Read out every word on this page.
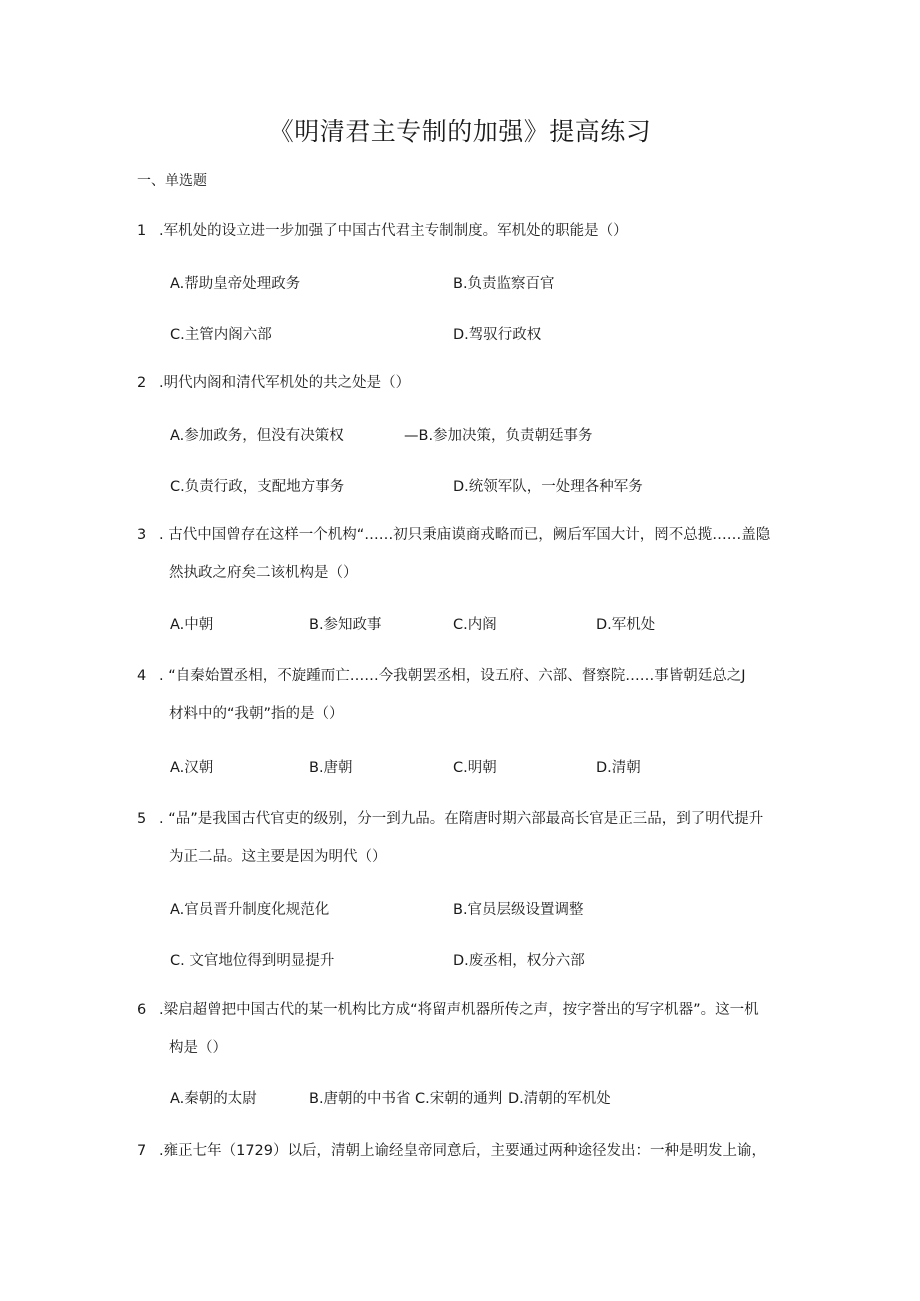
《明清君主专制的加强》提高练习
一、单选题
1 .军机处的设立进一步加强了中国古代君主专制制度。军机处的职能是（）
A.帮助皇帝处理政务	B.负责监察百官
C.主管内阁六部	D.驾驭行政权
2 .明代内阁和清代军机处的共之处是（）
A.参加政务，但没有决策权	—B.参加决策，负责朝廷事务
C.负责行政，支配地方事务	D.统领军队，一处理各种军务
3 . 古代中国曾存在这样一个机构“……初只秉庙谟商戎略而已，阙后军国大计，罔不总揽……盖隐
然执政之府矣二该机构是（）
A.中朝	B.参知政事	C.内阁	D.军机处
4 . “自秦始置丞相，不旋踵而亡……今我朝罢丞相，设五府、六部、督察院……事皆朝廷总之J
材料中的“我朝”指的是（）
A.汉朝	B.唐朝	C.明朝	D.清朝
5 . “品”是我国古代官吏的级别，分一到九品。在隋唐时期六部最高长官是正三品，到了明代提升
为正二品。这主要是因为明代（）
A.官员晋升制度化规范化	B.官员层级设置调整
C. 文官地位得到明显提升	D.废丞相，权分六部
6 .梁启超曾把中国古代的某一机构比方成“将留声机器所传之声，按字誉出的写字机器”。这一机
构是（）
A.秦朝的太尉	B.唐朝的中书省 C.宋朝的通判 D.清朝的军机处
7 .雍正七年（1729）以后，清朝上谕经皇帝同意后，主要通过两种途径发出：一种是明发上谕，
